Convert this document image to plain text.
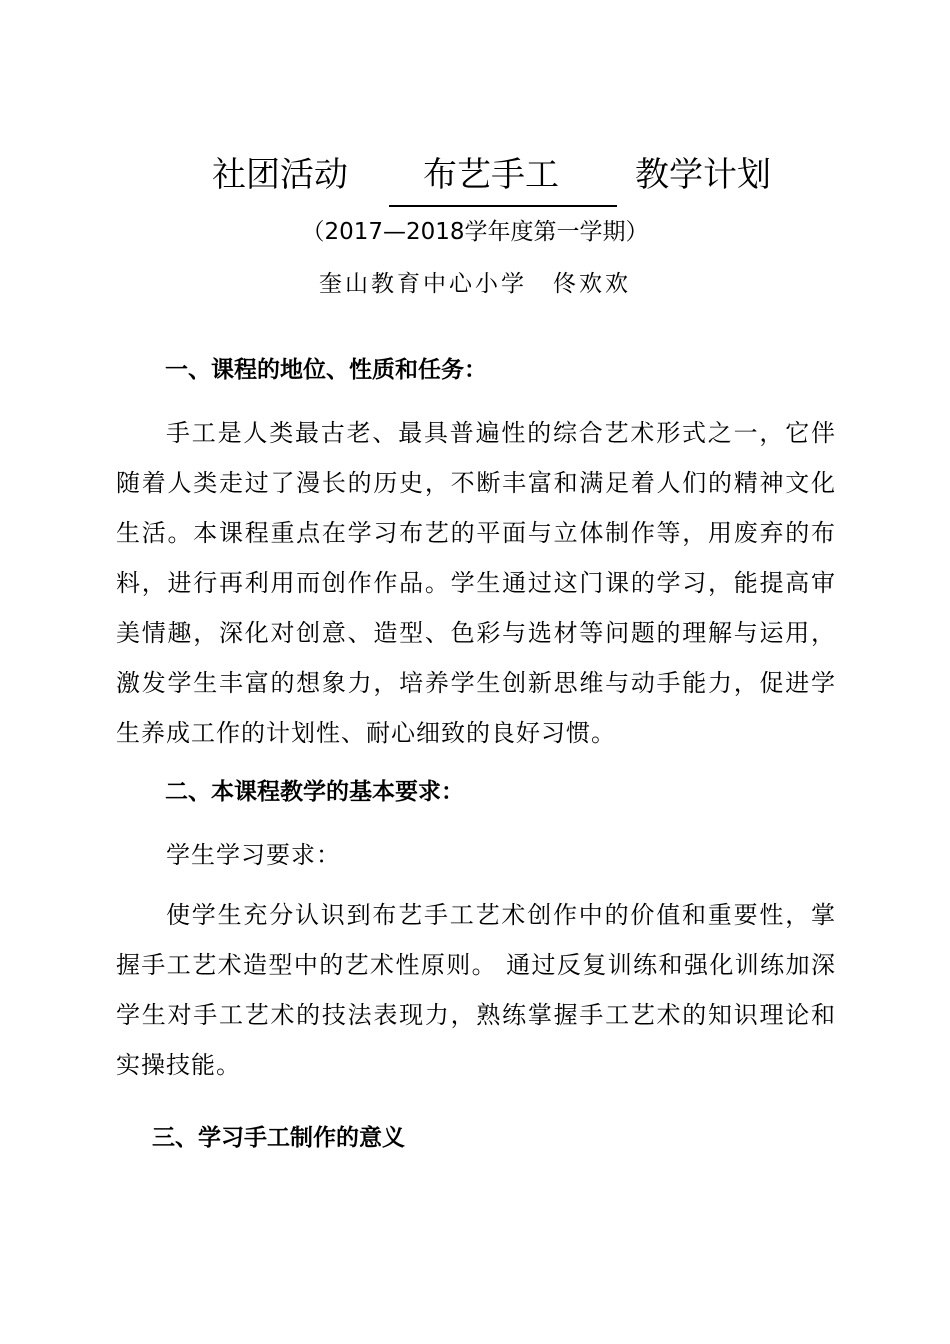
社团活动 布艺手工 教学计划
（2017—2018学年度第一学期）
奎山教育中心小学　佟欢欢
一、课程的地位、性质和任务：
手工是人类最古老、最具普遍性的综合艺术形式之一，它伴随着人类走过了漫长的历史，不断丰富和满足着人们的精神文化生活。本课程重点在学习布艺的平面与立体制作等，用废弃的布料，进行再利用而创作作品。学生通过这门课的学习，能提高审美情趣，深化对创意、造型、色彩与选材等问题的理解与运用，激发学生丰富的想象力，培养学生创新思维与动手能力，促进学生养成工作的计划性、耐心细致的良好习惯。
二、本课程教学的基本要求：
学生学习要求：
使学生充分认识到布艺手工艺术创作中的价值和重要性，掌握手工艺术造型中的艺术性原则。 通过反复训练和强化训练加深学生对手工艺术的技法表现力，熟练掌握手工艺术的知识理论和实操技能。
三、学习手工制作的意义
